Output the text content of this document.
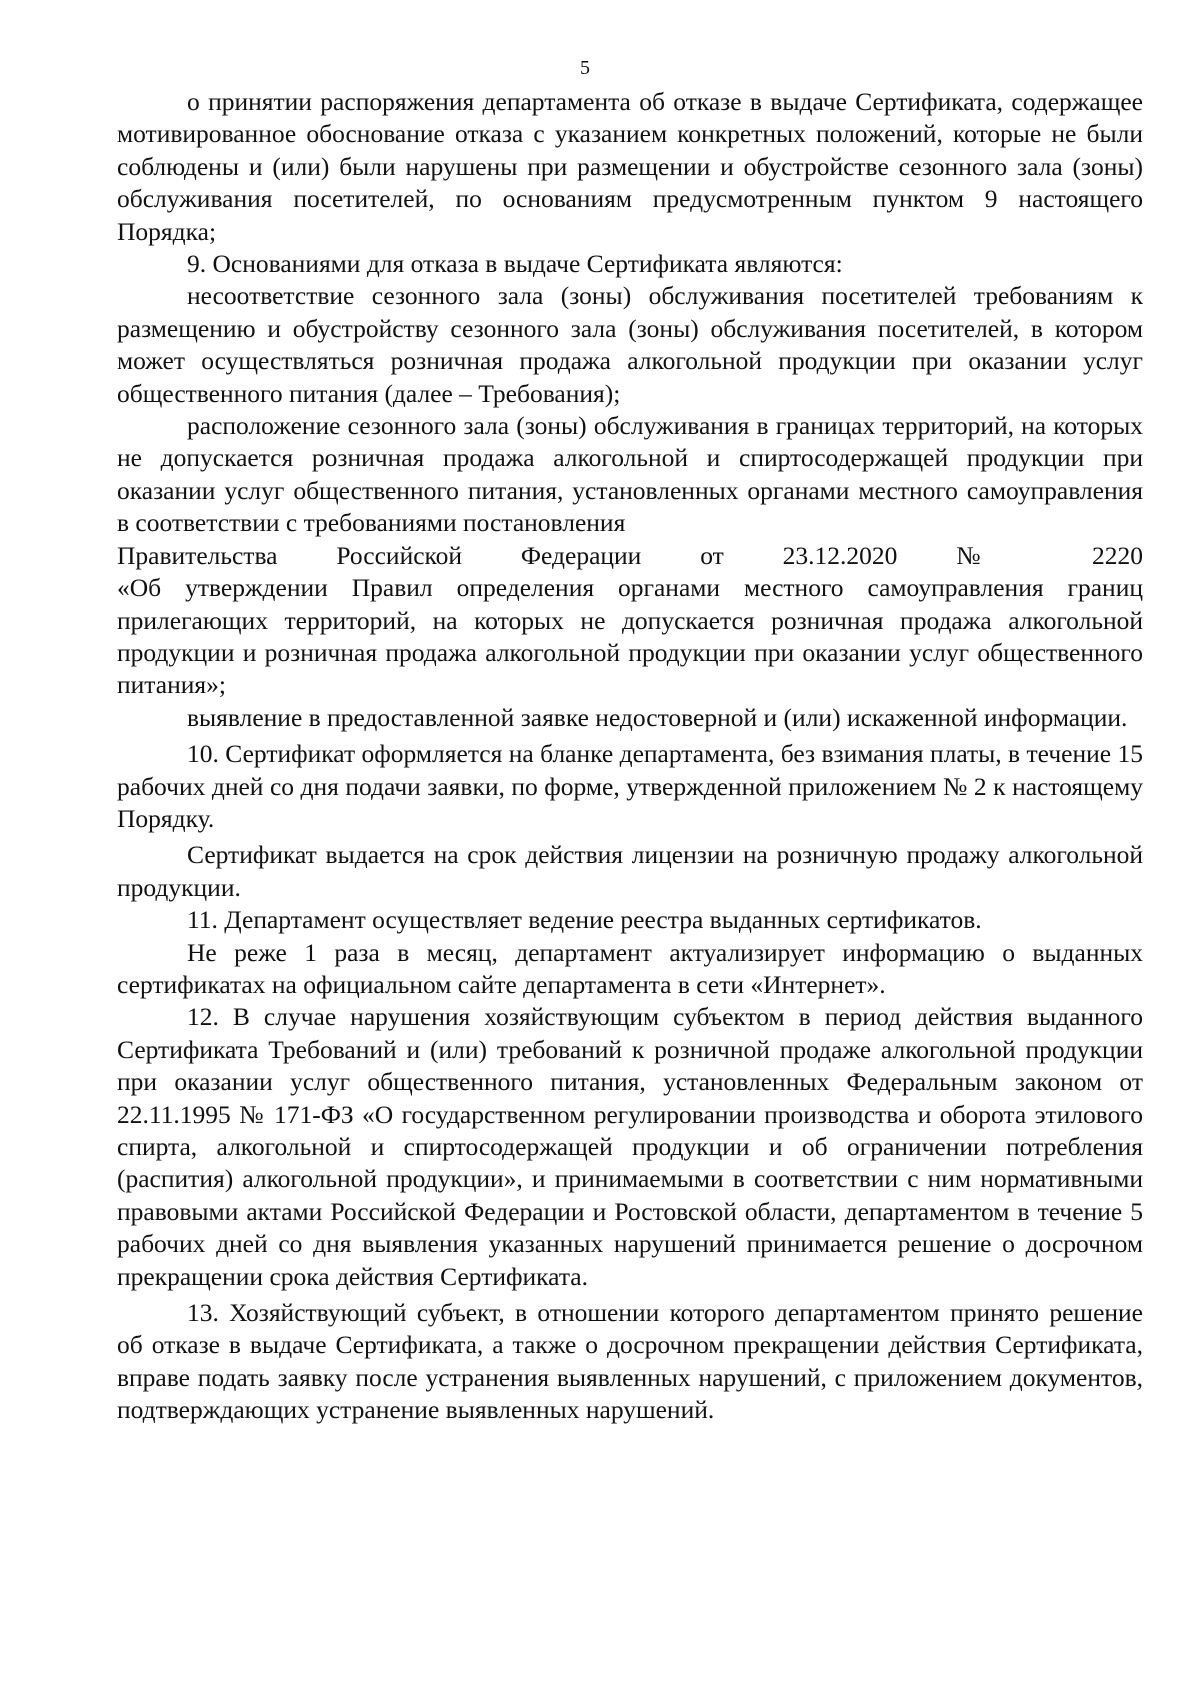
5

о принятии распоряжения департамента об отказе в выдаче Сертификата, содержащее мотивированное обоснование отказа с указанием конкретных положений, которые не были соблюдены и (или) были нарушены при размещении и обустройстве сезонного зала (зоны) обслуживания посетителей, по основаниям предусмотренным пунктом 9 настоящего Порядка;

9. Основаниями для отказа в выдаче Сертификата являются:

несоответствие сезонного зала (зоны) обслуживания посетителей требованиям к размещению и обустройству сезонного зала (зоны) обслуживания посетителей, в котором может осуществляться розничная продажа алкогольной продукции при оказании услуг общественного питания (далее – Требования);

расположение сезонного зала (зоны) обслуживания в границах территорий, на которых не допускается розничная продажа алкогольной и спиртосодержащей продукции при оказании услуг общественного питания, установленных органами местного самоуправления в соответствии с требованиями постановления

Правительства Российской Федерации от 23.12.2020 № 2220

«Об утверждении Правил определения органами местного самоуправления границ прилегающих территорий, на которых не допускается розничная продажа алкогольной продукции и розничная продажа алкогольной продукции при оказании услуг общественного питания»;

выявление в предоставленной заявке недостоверной и (или) искаженной информации.

10. Сертификат оформляется на бланке департамента, без взимания платы, в течение 15 рабочих дней со дня подачи заявки, по форме, утвержденной приложением № 2 к настоящему Порядку.

Сертификат выдается на срок действия лицензии на розничную продажу алкогольной продукции.

11. Департамент осуществляет ведение реестра выданных сертификатов.

Не реже 1 раза в месяц, департамент актуализирует информацию о выданных сертификатах на официальном сайте департамента в сети «Интернет».

12. В случае нарушения хозяйствующим субъектом в период действия выданного Сертификата Требований и (или) требований к розничной продаже алкогольной продукции при оказании услуг общественного питания, установленных Федеральным законом от 22.11.1995 № 171-ФЗ «О государственном регулировании производства и оборота этилового спирта, алкогольной и спиртосодержащей продукции и об ограничении потребления (распития) алкогольной продукции», и принимаемыми в соответствии с ним нормативными правовыми актами Российской Федерации и Ростовской области, департаментом в течение 5 рабочих дней со дня выявления указанных нарушений принимается решение о досрочном прекращении срока действия Сертификата.

13. Хозяйствующий субъект, в отношении которого департаментом принято решение об отказе в выдаче Сертификата, а также о досрочном прекращении действия Сертификата, вправе подать заявку после устранения выявленных нарушений, с приложением документов, подтверждающих устранение выявленных нарушений.
